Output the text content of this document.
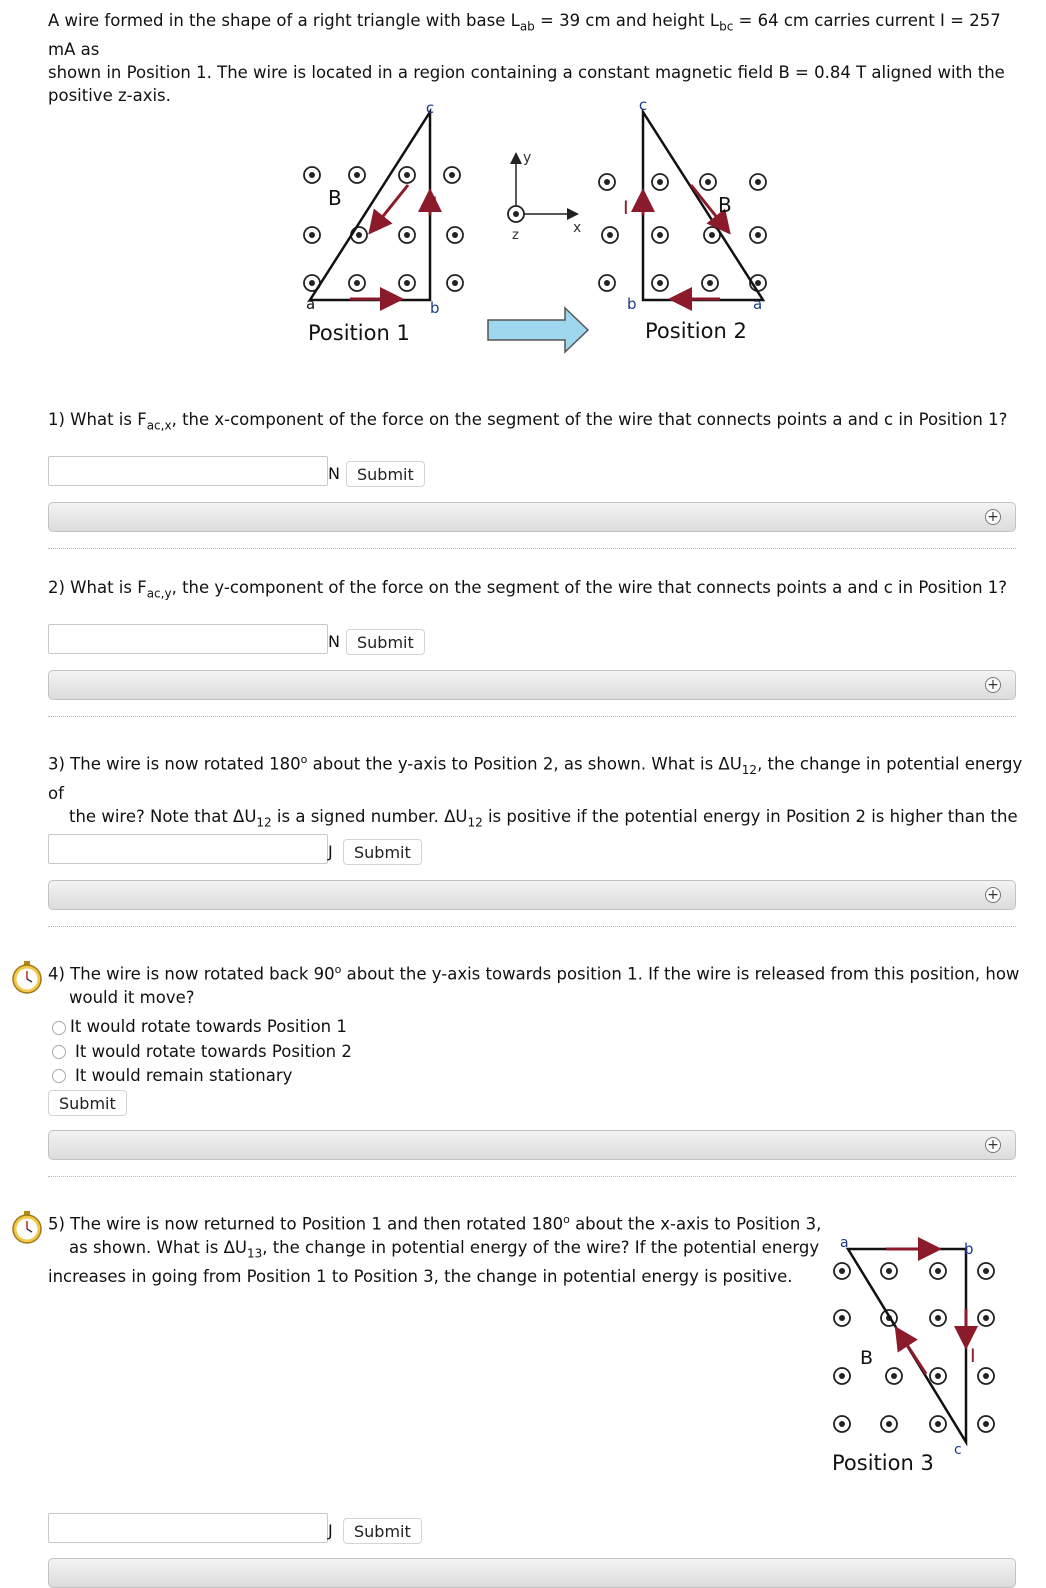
A wire formed in the shape of a right triangle with base $L_{ab} = 39$ cm and height $L_{bc} = 64$ cm carries current I = 257 mA as
shown in Position 1. The wire is located in a region containing a constant magnetic field B = 0.84 T aligned with the
positive z-axis.
c
B	I
a	b
Position 1
y
z	x
c
B
I
a
b
Position 2
1) What is $F_{ac,x}$, the x-component of the force on the segment of the wire that connects points a and c in Position 1?
N	Submit
+
2) What is $F_{ac,y}$, the y-component of the force on the segment of the wire that connects points a and c in Position 1?
N	Submit
+
3) The wire is now rotated 180$^o$ about the y-axis to Position 2, as shown. What is $\Delta U_{12}$, the change in potential energy of
the wire? Note that $\Delta U_{12}$ is a signed number. $\Delta U_{12}$ is positive if the potential energy in Position 2 is higher than the
J	Submit
+
4) The wire is now rotated back 90$^o$ about the y-axis towards position 1. If the wire is released from this position, how
would it move?
It would rotate towards Position 1
It would rotate towards Position 2
It would remain stationary
Submit
+
5) The wire is now returned to Position 1 and then rotated 180$^o$ about the x-axis to Position 3,
as shown. What is $\Delta U_{13}$, the change in potential energy of the wire? If the potential energy
increases in going from Position 1 to Position 3, the change in potential energy is positive.
a	b
B	I
c
Position 3
J	Submit
